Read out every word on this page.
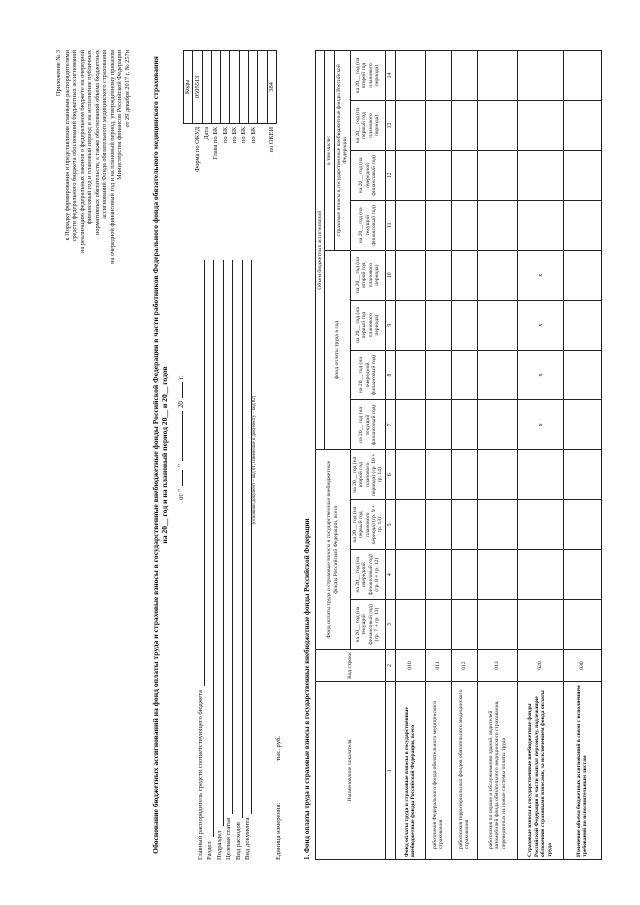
Приложение № 3 к Порядку формирования и представления главными распорядителями средств федерального бюджета обоснований бюджетных ассигнований на реализацию федеральных законов о федеральном бюджете на очередной финансовый год и плановый период и на исполнение публичных нормативных обязательств, а также обоснований объема бюджетных ассигнований Фонда обязательного медицинского страхования на очередной финансовый год и на плановый период, утвержденному приказом Министерства финансов Российской Федерации от 29 декабря 2017 г. № 257н	Обоснование бюджетных ассигнований на фонд оплаты труда и страховые взносы в государственные внебюджетные фонды Российской Федерации в части работников Федерального фонда обязательного медицинского страхования на 20__ год и на плановый период 20__ и 20__ годов от ""20г.
	Коды
Форма по ОКУД	0505513
Дата	
Глава по БК	
по БК	
по БК	
по БК	
по БК	

по ОКЕИ	384
Главный распорядитель средств соответствующего бюджета Раздел Подраздел Целевая статья Вид расходов Вид документа
(основной документ – код 01; изменение к документу – код 02)
Единица измерения: тыс. руб.	1. Фонд оплаты труда и страховые взносы в государственные внебюджетные фонды Российской Федерации	Наименование показателя	Код строки	Фонд оплаты труда и страховые взносы в государственные внебюджетные фонды Российской Федерации, всего				Объем бюджетных ассигнований							
						фонд оплаты труда в год				в том числе:			
										страховые взносы в государственные внебюджетные фонды Российской Федерации			
		на 20__ год (на текущий финансовый год) (гр. 7 + гр. 11)	на 20__ год (на очередной финансовый год) (гр. 8 + гр. 12)	на 20__ год (на первый год планового периода) (гр. 9 + гр. 13)	на 20__ год (на второй год планового периода) (гр. 10 + гр. 14)	на 20__ год (на текущий финансовый год)	на 20__ год (на очередной финансовый год)	на 20__ год (на первый год планового периода)	на 20__ год (на второй год планового периода)	на 20__ год (на текущий финансовый год)	на 20__ год (на очередной финансовый год)	на 20__ год (на первый год планового периода)	на 20__ год (на второй год планового периода)
1	2	3	4	5	6	7	8	9	10	11	12	13	14
Фонд оплаты труда и страховые взносы в государственные внебюджетные фонды Российской Федерации, всего	010												
работников Федерального фонда обязательного медицинского страхования	011												
работников территориальных фондов обязательного медицинского страхования	012												
работников по охране и обслуживанию зданий, водителей автомобилей фонда обязательного медицинского страхования, переведенных на новые системы оплаты труда	013												
Страховые взносы в государственные внебюджетные фонды Российской Федерации в части выплат персоналу, подлежащие обложению страховыми взносами, за исключением фонда оплаты труда	020					х	х	х	х				
Изменение объема бюджетных ассигнований в связи с исполнением требований по исполнительным листам	030												
